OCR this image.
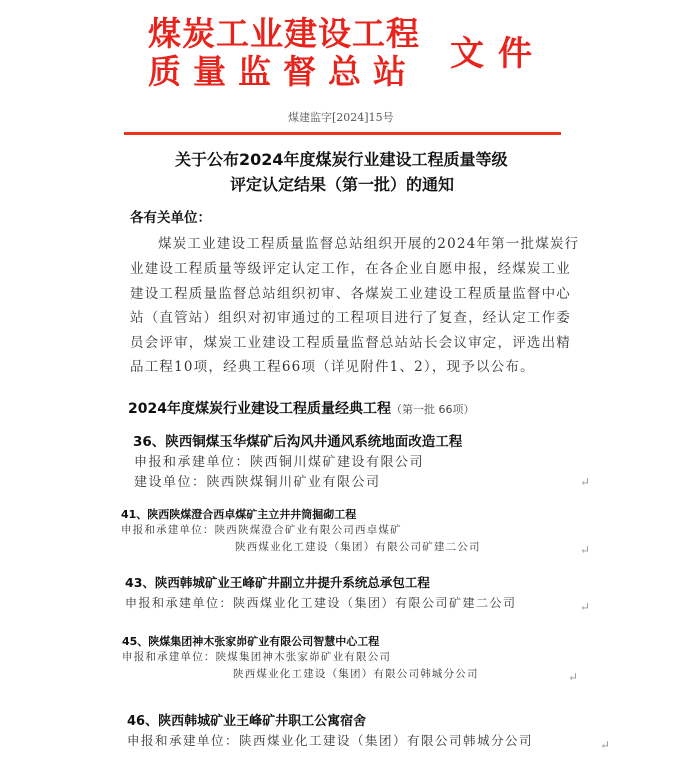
煤炭工业建设工程
质量监督总站 文件
煤建监字[2024]15号
关于公布2024年度煤炭行业建设工程质量等级
评定认定结果（第一批）的通知
各有关单位：
煤炭工业建设工程质量监督总站组织开展的2024年第一批煤炭行
业建设工程质量等级评定认定工作，在各企业自愿申报，经煤炭工业
建设工程质量监督总站组织初审、各煤炭工业建设工程质量监督中心
站（直管站）组织对初审通过的工程项目进行了复查，经认定工作委
员会评审，煤炭工业建设工程质量监督总站站长会议审定，评选出精
品工程10项，经典工程66项（详见附件1、2），现予以公布。
2024年度煤炭行业建设工程质量经典工程（第一批 66项）
36、陕西铜煤玉华煤矿后沟风井通风系统地面改造工程
申报和承建单位：陕西铜川煤矿建设有限公司
建设单位：陕西陕煤铜川矿业有限公司	↵
41、陕西陕煤澄合西卓煤矿主立井井筒掘砌工程
申报和承建单位：陕西陕煤澄合矿业有限公司西卓煤矿
陕西煤业化工建设（集团）有限公司矿建二公司	↵
43、陕西韩城矿业王峰矿井副立井提升系统总承包工程
申报和承建单位：陕西煤业化工建设（集团）有限公司矿建二公司	↵
45、陕煤集团神木张家峁矿业有限公司智慧中心工程
申报和承建单位：陕煤集团神木张家峁矿业有限公司
陕西煤业化工建设（集团）有限公司韩城分公司	↵
46、陕西韩城矿业王峰矿井职工公寓宿舍
申报和承建单位：陕西煤业化工建设（集团）有限公司韩城分公司	↵
